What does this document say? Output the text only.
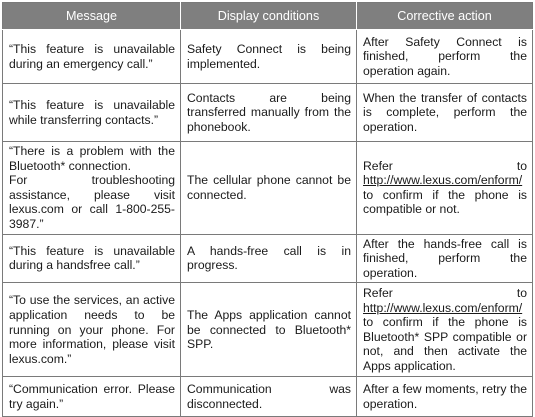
Message	Display conditions	Corrective action
“This feature is unavailable during an emergency call.”	Safety Connect is being implemented.	After Safety Connect is finished, perform the operation again.
“This feature is unavailable while transferring contacts.”	Contacts are being transferred manually from the phonebook.	When the transfer of contacts is complete, perform the operation.

“There is a problem with the Bluetooth* connection.
For troubleshooting assistance, please visit lexus.com or call 1-800-255-3987.”	The cellular phone cannot be connected.	Refer to http://www.lexus.com/enform/ to confirm if the phone is compatible or not.
“This feature is unavailable during a handsfree call.”	A hands-free call is in progress.	After the hands-free call is finished, perform the operation.
“To use the services, an active application needs to be running on your phone. For more information, please visit lexus.com.”	The Apps application cannot be connected to Bluetooth* SPP.	Refer to http://www.lexus.com/enform/ to confirm if the phone is Bluetooth* SPP compatible or not, and then activate the Apps application.
“Communication error. Please try again.”	Communication was disconnected.	After a few moments, retry the operation.
